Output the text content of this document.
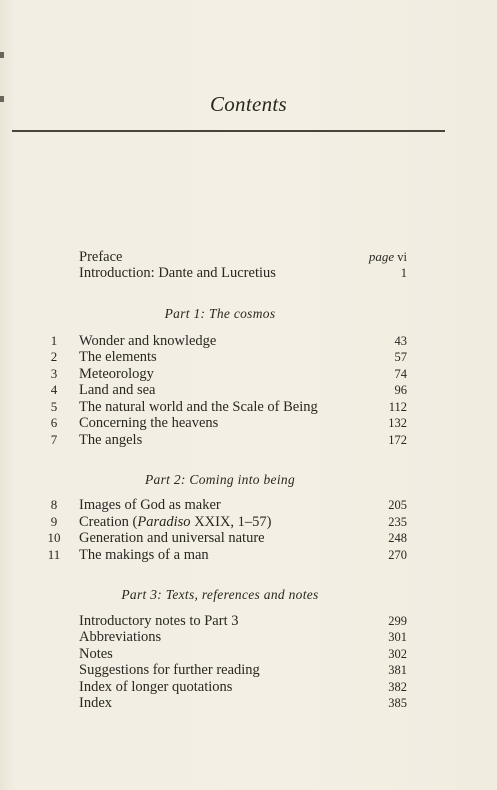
Contents
Preface	page vi
Introduction: Dante and Lucretius	1
Part 1: The cosmos
1	Wonder and knowledge	43
2	The elements	57
3	Meteorology	74
4	Land and sea	96
5	The natural world and the Scale of Being	112
6	Concerning the heavens	132
7	The angels	172
Part 2: Coming into being
8	Images of God as maker	205
9	Creation (Paradiso XXIX, 1–57)	235
10	Generation and universal nature	248
11	The makings of a man	270
Part 3: Texts, references and notes
Introductory notes to Part 3	299
Abbreviations	301
Notes	302
Suggestions for further reading	381
Index of longer quotations	382
Index	385
